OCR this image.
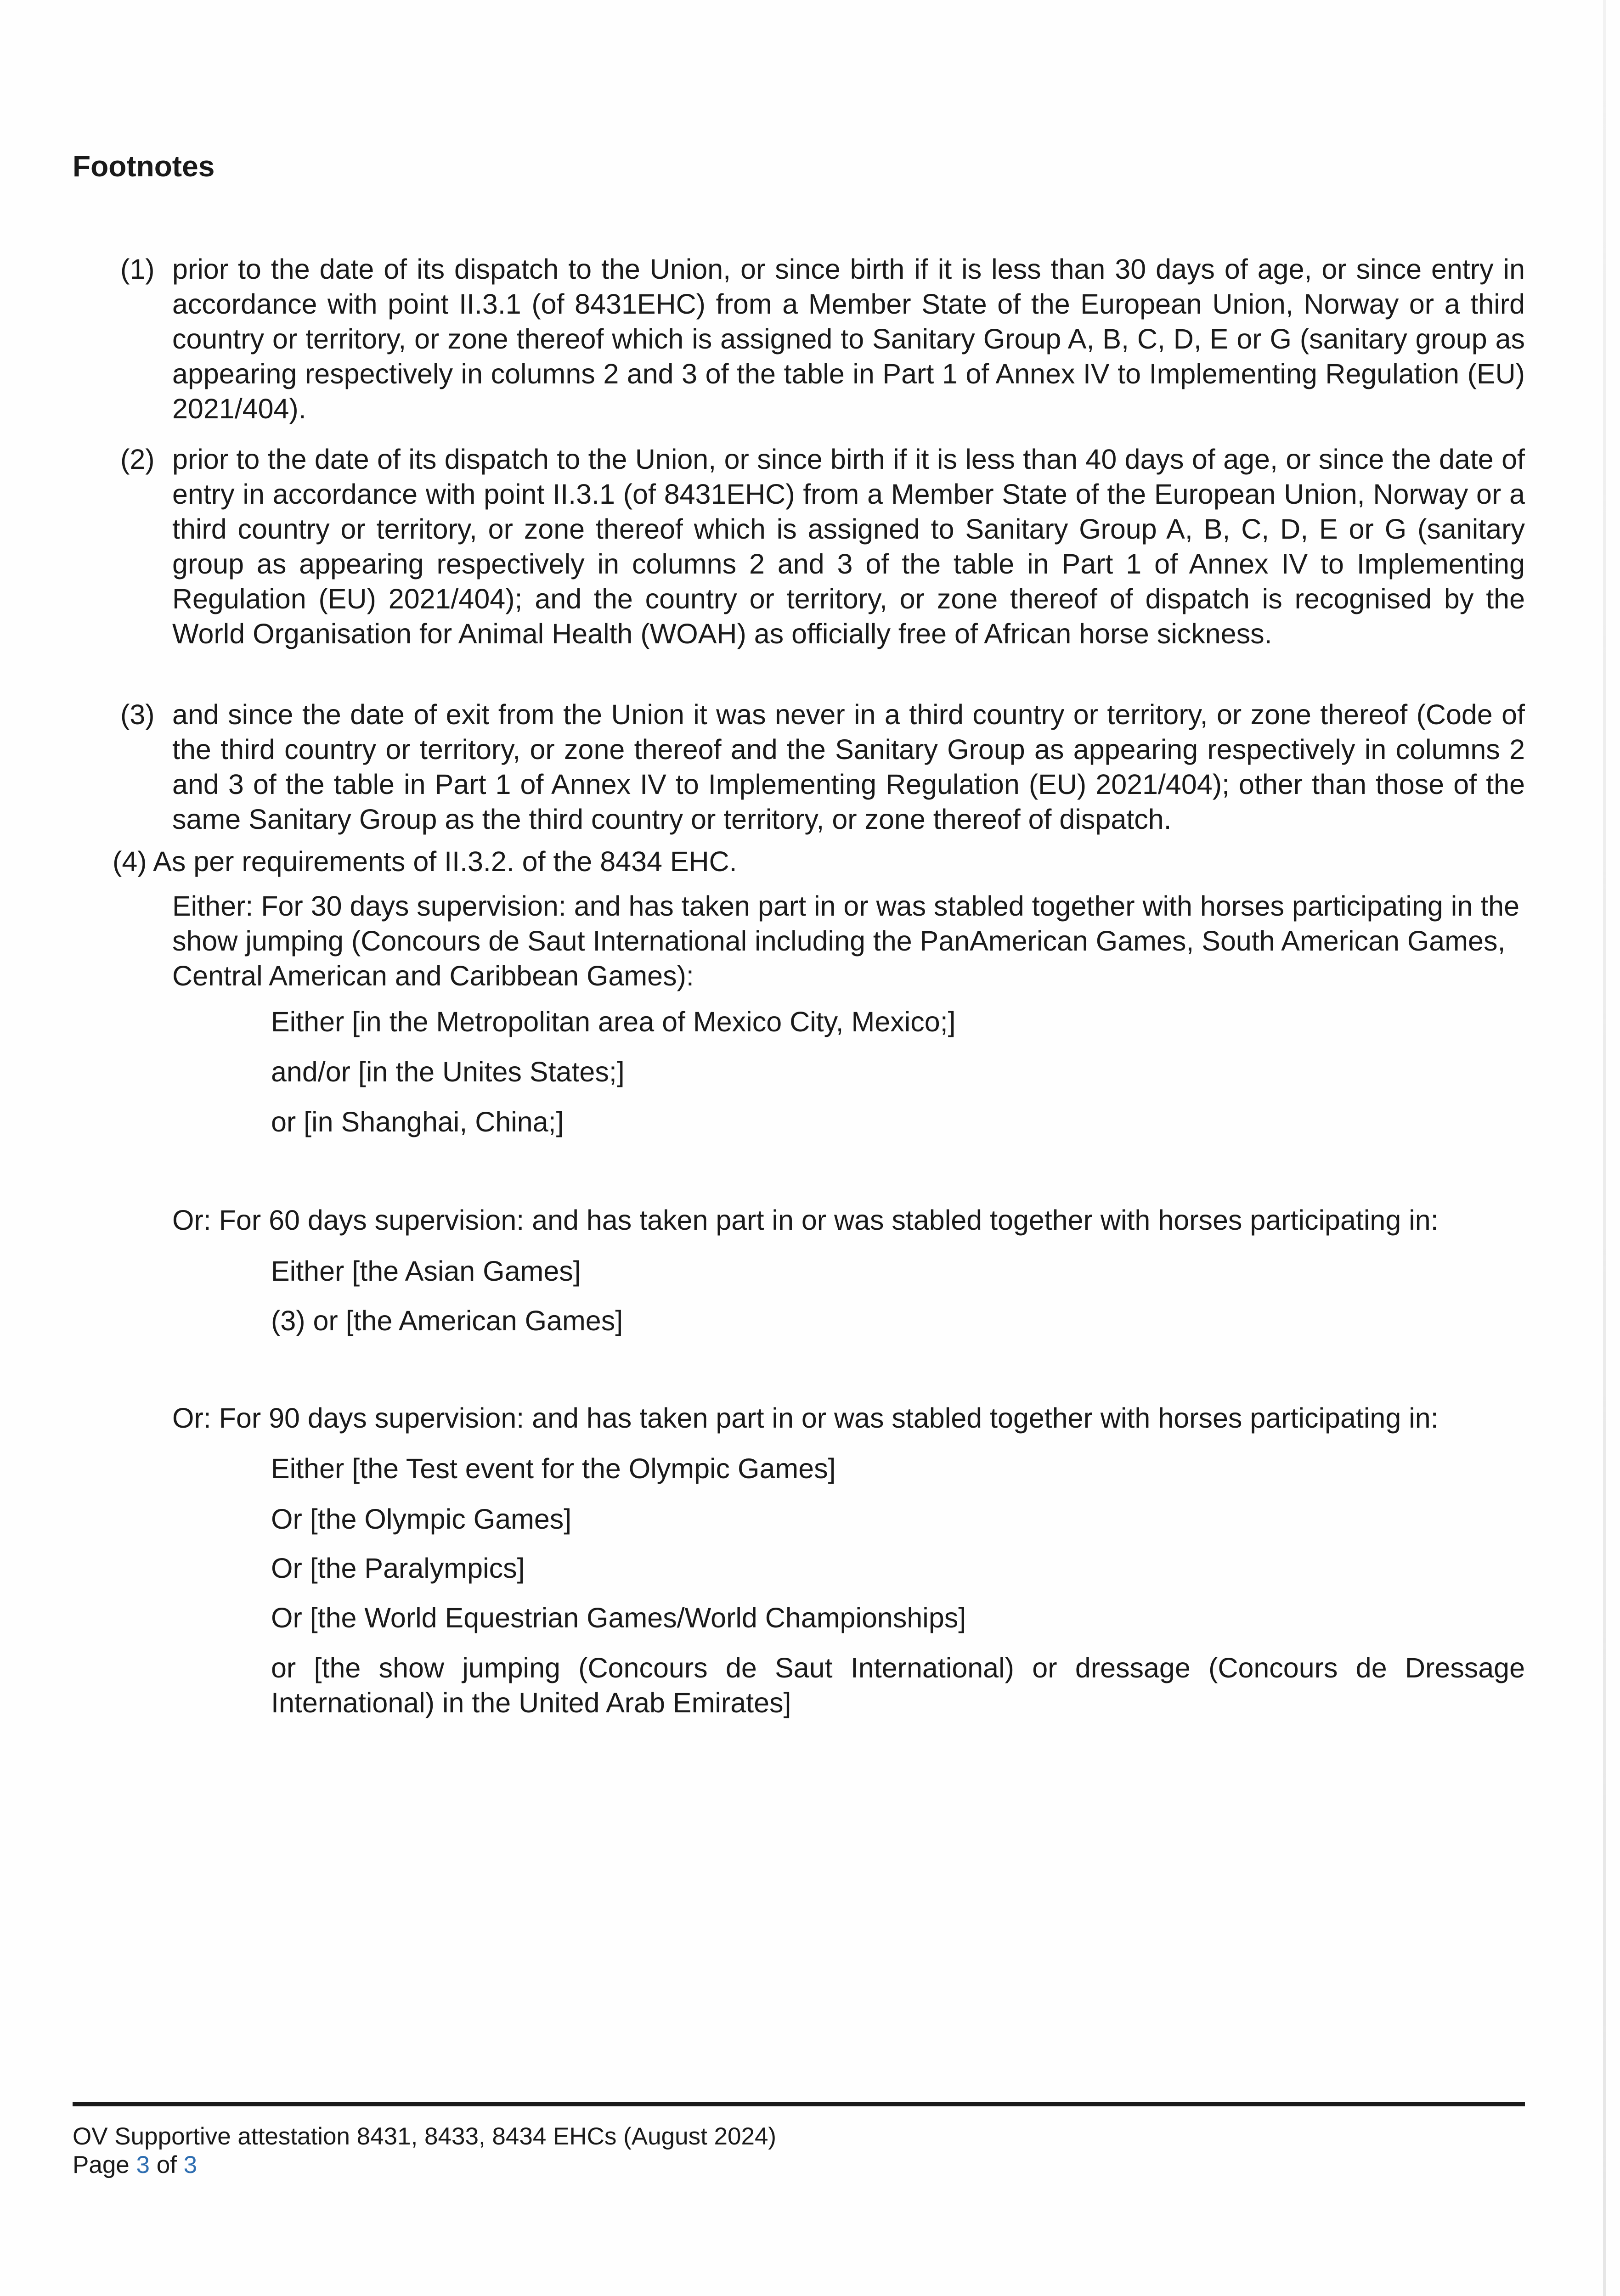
Footnotes
(1) prior to the date of its dispatch to the Union, or since birth if it is less than 30 days of age, or since entry in accordance with point II.3.1 (of 8431EHC) from a Member State of the European Union, Norway or a third country or territory, or zone thereof which is assigned to Sanitary Group A, B, C, D, E or G (sanitary group as appearing respectively in columns 2 and 3 of the table in Part 1 of Annex IV to Implementing Regulation (EU) 2021/404).

(2) prior to the date of its dispatch to the Union, or since birth if it is less than 40 days of age, or since the date of entry in accordance with point II.3.1 (of 8431EHC) from a Member State of the European Union, Norway or a third country or territory, or zone thereof which is assigned to Sanitary Group A, B, C, D, E or G (sanitary group as appearing respectively in columns 2 and 3 of the table in Part 1 of Annex IV to Implementing Regulation (EU) 2021/404); and the country or territory, or zone thereof of dispatch is recognised by the World Organisation for Animal Health (WOAH) as officially free of African horse sickness.

(3) and since the date of exit from the Union it was never in a third country or territory, or zone thereof (Code of the third country or territory, or zone thereof and the Sanitary Group as appearing respectively in columns 2 and 3 of the table in Part 1 of Annex IV to Implementing Regulation (EU) 2021/404); other than those of the same Sanitary Group as the third country or territory, or zone thereof of dispatch.

(4) As per requirements of II.3.2. of the 8434 EHC.

Either: For 30 days supervision: and has taken part in or was stabled together with horses participating in the show jumping (Concours de Saut International including the PanAmerican Games, South American Games, Central American and Caribbean Games):

Either [in the Metropolitan area of Mexico City, Mexico;]

and/or [in the Unites States;]

or [in Shanghai, China;]

Or: For 60 days supervision: and has taken part in or was stabled together with horses participating in:

Either [the Asian Games]

(3) or [the American Games]

Or: For 90 days supervision: and has taken part in or was stabled together with horses participating in:

Either [the Test event for the Olympic Games]

Or [the Olympic Games]

Or [the Paralympics]

Or [the World Equestrian Games/World Championships]

or [the show jumping (Concours de Saut International) or dressage (Concours de Dressage International) in the United Arab Emirates]

OV Supportive attestation 8431, 8433, 8434 EHCs (August 2024)

Page 3 of 3
